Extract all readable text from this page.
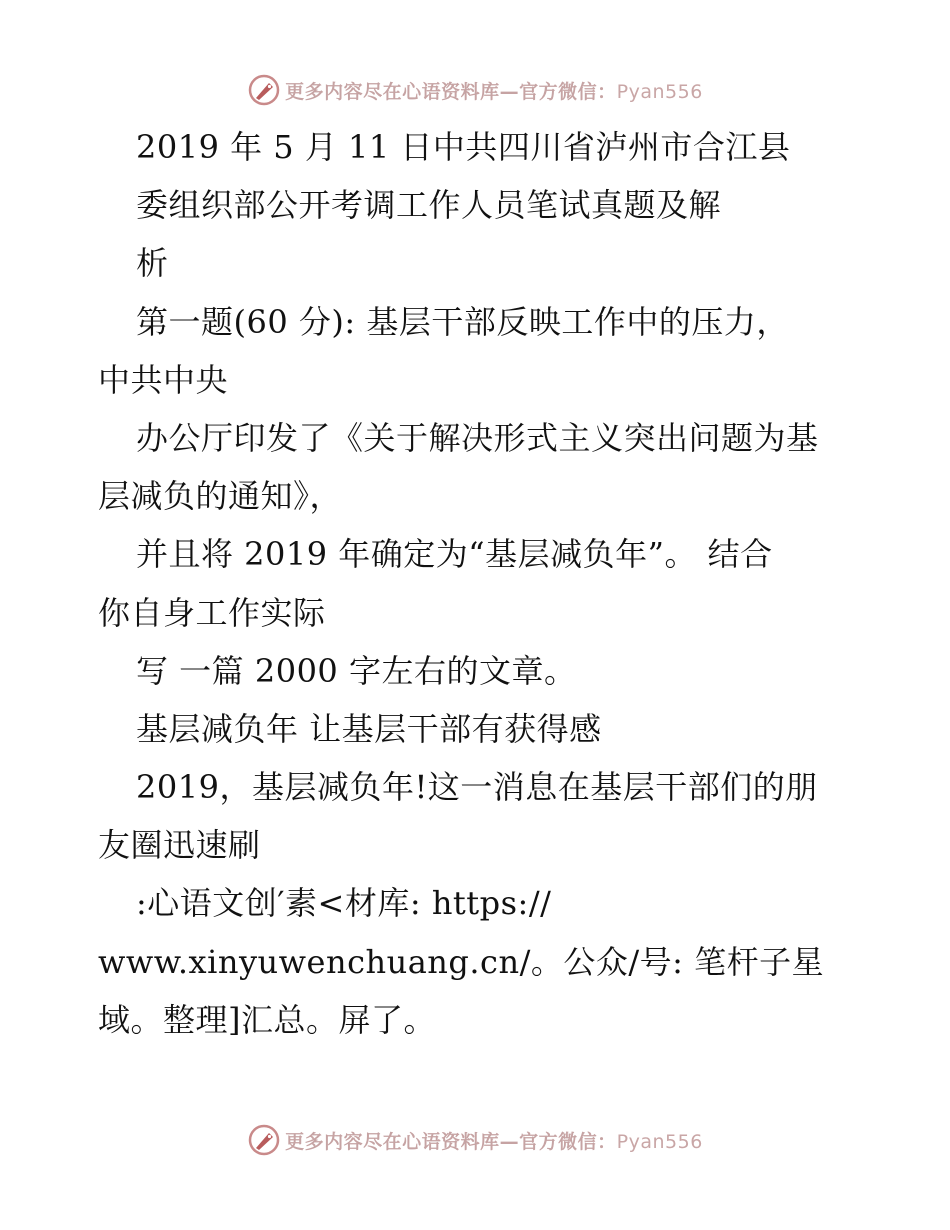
更多内容尽在心语资料库—官方微信：Pyan556
2019 年 5 月 11 日中共四川省泸州市合江县
委组织部公开考调工作人员笔试真题及解
析
第一题(60 分): 基层干部反映工作中的压力，
中共中央
办公厅印发了《关于解决形式主义突出问题为基
层减负的通知》，
并且将 2019 年确定为“基层减负年”。 结合
你自身工作实际
写 一篇 2000 字左右的文章。
基层减负年 让基层干部有获得感
2019，基层减负年!这一消息在基层干部们的朋
友圈迅速刷
:心语文创′素<材库: https://
www.xinyuwenchuang.cn/。公众/号: 笔杆子星
域。整理]汇总。屏了。
更多内容尽在心语资料库—官方微信：Pyan556
